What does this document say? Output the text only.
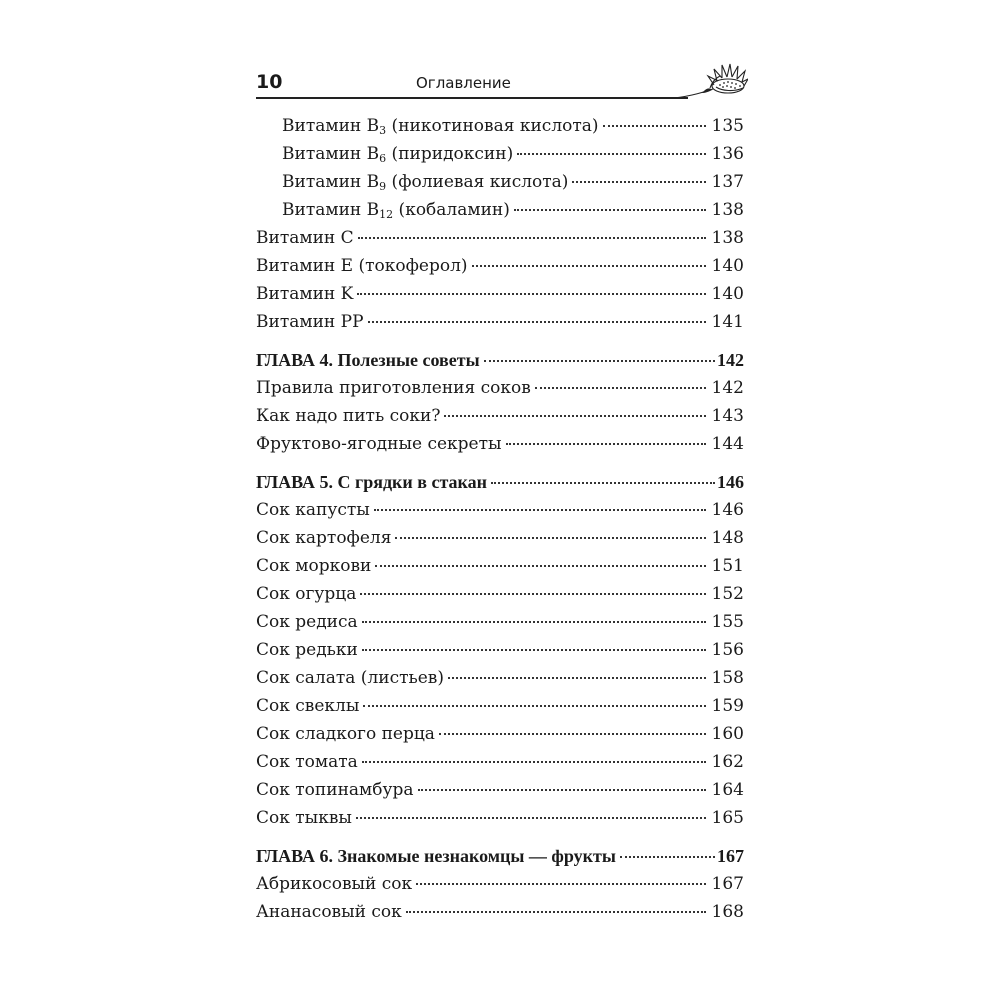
10	Оглавление
Витамин $B_3$ (никотиновая кислота)	135
Витамин $B_6$ (пиридоксин)	136
Витамин $B_9$ (фолиевая кислота)	137
Витамин $B_{12}$ (кобаламин)	138
Витамин C	138
Витамин E (токоферол)	140
Витамин K	140
Витамин PP	141
ГЛАВА 4. Полезные советы	142
Правила приготовления соков	142
Как надо пить соки?	143
Фруктово-ягодные секреты	144
ГЛАВА 5. С грядки в стакан	146
Сок капусты	146
Сок картофеля	148
Сок моркови	151
Сок огурца	152
Сок редиса	155
Сок редьки	156
Сок салата (листьев)	158
Сок свеклы	159
Сок сладкого перца	160
Сок томата	162
Сок топинамбура	164
Сок тыквы	165
ГЛАВА 6. Знакомые незнакомцы — фрукты	167
Абрикосовый сок	167
Ананасовый сок	168
